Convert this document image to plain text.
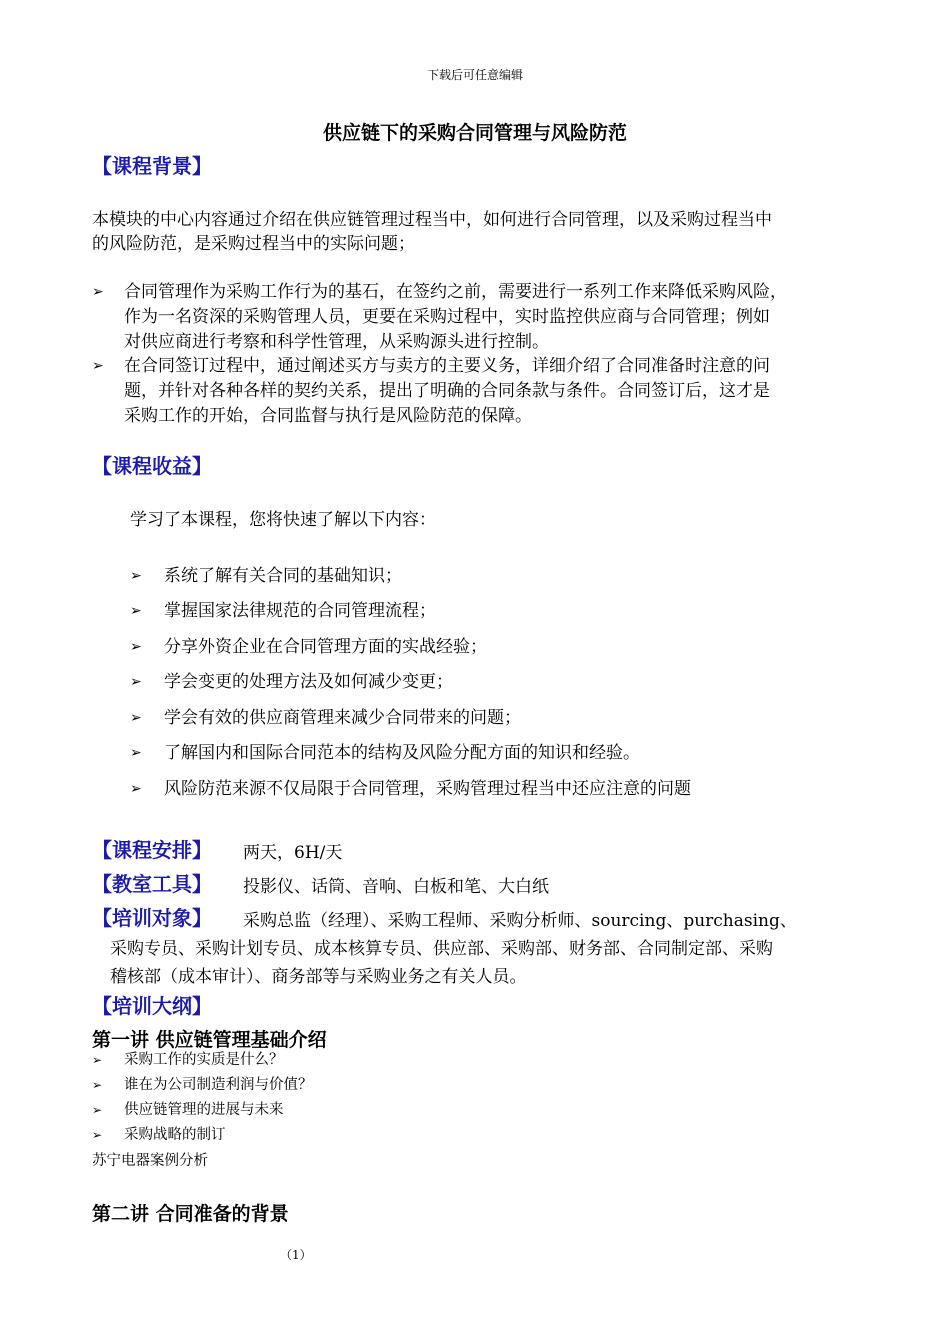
下载后可任意编辑
供应链下的采购合同管理与风险防范
【课程背景】
本模块的中心内容通过介绍在供应链管理过程当中，如何进行合同管理，以及采购过程当中
的风险防范，是采购过程当中的实际问题；
➢ 合同管理作为采购工作行为的基石，在签约之前，需要进行一系列工作来降低采购风险，
作为一名资深的采购管理人员，更要在采购过程中，实时监控供应商与合同管理；例如
对供应商进行考察和科学性管理，从采购源头进行控制。
➢ 在合同签订过程中，通过阐述买方与卖方的主要义务，详细介绍了合同准备时注意的问
题，并针对各种各样的契约关系，提出了明确的合同条款与条件。合同签订后，这才是
采购工作的开始，合同监督与执行是风险防范的保障。
【课程收益】
学习了本课程，您将快速了解以下内容：
➢ 系统了解有关合同的基础知识；
➢ 掌握国家法律规范的合同管理流程；
➢ 分享外资企业在合同管理方面的实战经验；
➢ 学会变更的处理方法及如何减少变更；
➢ 学会有效的供应商管理来减少合同带来的问题；
➢ 了解国内和国际合同范本的结构及风险分配方面的知识和经验。
➢ 风险防范来源不仅局限于合同管理，采购管理过程当中还应注意的问题
【课程安排】 两天，6H/天
【教室工具】 投影仪、话筒、音响、白板和笔、大白纸
【培训对象】 采购总监（经理）、采购工程师、采购分析师、sourcing、purchasing、
采购专员、采购计划专员、成本核算专员、供应部、采购部、财务部、合同制定部、采购
稽核部（成本审计）、商务部等与采购业务之有关人员。
【培训大纲】
第一讲 供应链管理基础介绍
➢ 采购工作的实质是什么？
➢ 谁在为公司制造利润与价值？
➢ 供应链管理的进展与未来
➢ 采购战略的制订
苏宁电器案例分析
第二讲 合同准备的背景
（1）
